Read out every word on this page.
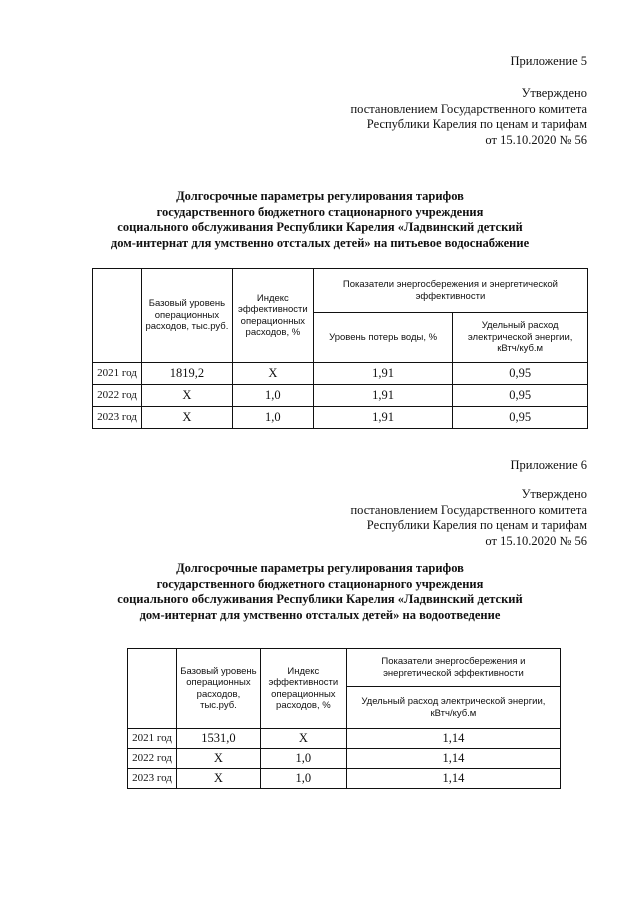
Приложение 5
Утверждено
постановлением Государственного комитета
Республики Карелия по ценам и тарифам
от 15.10.2020 № 56
Долгосрочные параметры регулирования тарифов
государственного бюджетного стационарного учреждения
социального обслуживания Республики Карелия «Ладвинский детский
дом-интернат для умственно отсталых детей» на питьевое водоснабжение
	Базовый уровень операционных расходов, тыс.руб.	Индекс эффективности операционных расходов, %	Показатели энергосбережения и энергетической эффективности	
			Уровень потерь воды, %	Удельный расход электрической энергии, кВтч/куб.м
2021 год	1819,2	X	1,91	0,95
2022 год	X	1,0	1,91	0,95
2023 год	X	1,0	1,91	0,95
Приложение 6
Утверждено
постановлением Государственного комитета
Республики Карелия по ценам и тарифам
от 15.10.2020 № 56
Долгосрочные параметры регулирования тарифов
государственного бюджетного стационарного учреждения
социального обслуживания Республики Карелия «Ладвинский детский
дом-интернат для умственно отсталых детей» на водоотведение
	Базовый уровень операционных расходов, тыс.руб.	Индекс эффективности операционных расходов, %	Показатели энергосбережения и энергетической эффективности
			Удельный расход электрической энергии, кВтч/куб.м
2021 год	1531,0	X	1,14
2022 год	X	1,0	1,14
2023 год	X	1,0	1,14
